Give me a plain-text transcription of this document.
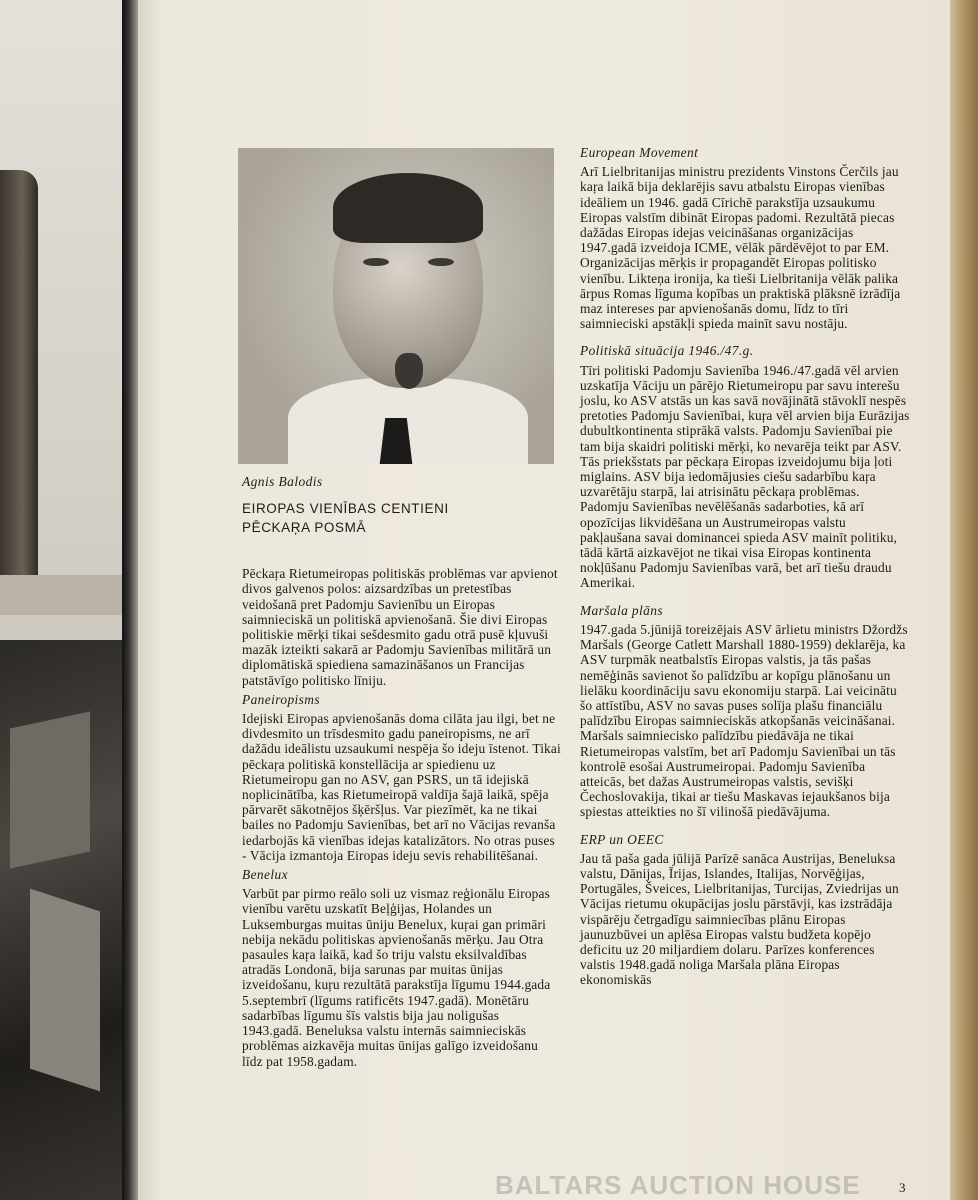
Agnis Balodis
EIROPAS VIENĪBAS CENTIENI
PĒCKAŖA POSMĀ
Pēckaŗa Rietumeiropas politiskās problēmas var apvienot divos galvenos polos: aizsardzības un pretestības veidošanā pret Padomju Savienību un Eiropas saimnieciskā un politiskā apvienošanā. Šie divi Eiropas politiskie mērķi tikai sešdesmito gadu otrā pusē kļuvuši mazāk izteikti sakarā ar Padomju Savienības militārā un diplomātiskā spiediena samazināšanos un Francijas patstāvīgo politisko līniju.
Paneiropisms
Idejiski Eiropas apvienošanās doma cilāta jau ilgi, bet ne divdesmito un trīsdesmito gadu paneiropisms, ne arī dažādu ideālistu uzsaukumi nespēja šo ideju īstenot. Tikai pēckaŗa politiskā konstellācija ar spiedienu uz Rietumeiropu gan no ASV, gan PSRS, un tā idejiskā noplicinātība, kas Rietumeiropā valdīja šajā laikā, spēja pārvarēt sākotnējos šķēršļus. Var piezīmēt, ka ne tikai bailes no Padomju Savienības, bet arī no Vācijas revanša iedarbojās kā vienības idejas katalizātors. No otras puses - Vācija izmantoja Eiropas ideju sevis rehabilitēšanai.
Benelux
Varbūt par pirmo reālo soli uz vismaz reģionālu Eiropas vienību varētu uzskatīt Beļģijas, Holandes un Luksemburgas muitas ūniju Benelux, kuŗai gan primāri nebija nekādu politiskas apvienošanās mērķu. Jau Otra pasaules kaŗa laikā, kad šo triju valstu eksilvaldības atradās Londonā, bija sarunas par muitas ūnijas izveidošanu, kuŗu rezultātā parakstīja līgumu 1944.gada 5.septembrī (līgums ratificēts 1947.gadā). Monētāru sadarbības līgumu šīs valstis bija jau noligušas 1943.gadā. Beneluksa valstu internās saimnieciskās problēmas aizkavēja muitas ūnijas galīgo izveidošanu līdz pat 1958.gadam.
European Movement
Arī Lielbritanijas ministru prezidents Vinstons Čerčils jau kaŗa laikā bija deklarējis savu atbalstu Eiropas vienības ideāliem un 1946. gadā Cīrichē parakstīja uzsaukumu Eiropas valstīm dibināt Eiropas padomi. Rezultātā piecas dažādas Eiropas idejas veicināšanas organizācijas 1947.gadā izveidoja ICME, vēlāk pārdēvējot to par EM. Organizācijas mērķis ir propagandēt Eiropas politisko vienību. Likteņa ironija, ka tieši Lielbritanija vēlāk palika ārpus Romas līguma kopības un praktiskā plāksnē izrādīja maz intereses par apvienošanās domu, līdz to tīri saimnieciski apstākļi spieda mainīt savu nostāju.
Politiskā situācija 1946./47.g.
Tīri politiski Padomju Savienība 1946./47.gadā vēl arvien uzskatīja Vāciju un pārējo Rietumeiropu par savu interešu joslu, ko ASV atstās un kas savā novājinātā stāvoklī nespēs pretoties Padomju Savienībai, kuŗa vēl arvien bija Eurāzijas dubultkontinenta stiprākā valsts. Padomju Savienībai pie tam bija skaidri politiski mērķi, ko nevarēja teikt par ASV. Tās priekšstats par pēckaŗa Eiropas izveidojumu bija ļoti miglains. ASV bija iedomājusies ciešu sadarbību kaŗa uzvarētāju starpā, lai atrisinātu pēckaŗa problēmas. Padomju Savienības nevēlēšanās sadarboties, kā arī opozīcijas likvidēšana un Austrumeiropas valstu pakļaušana savai dominancei spieda ASV mainīt politiku, tādā kārtā aizkavējot ne tikai visa Eiropas kontinenta nokļūšanu Padomju Savienības varā, bet arī tiešu draudu Amerikai.
Maršala plāns
1947.gada 5.jūnijā toreizējais ASV ārlietu ministrs Džordžs Maršals (George Catlett Marshall 1880-1959) deklarēja, ka ASV turpmāk neatbalstīs Eiropas valstis, ja tās pašas nemēģinās savienot šo palīdzību ar kopīgu plānošanu un lielāku koordināciju savu ekonomiju starpā. Lai veicinātu šo attīstību, ASV no savas puses solīja plašu financiālu palīdzību Eiropas saimnieciskās atkopšanās veicināšanai. Maršals saimniecisko palīdzību piedāvāja ne tikai Rietumeiropas valstīm, bet arī Padomju Savienībai un tās kontrolē esošai Austrumeiropai. Padomju Savienība atteicās, bet dažas Austrumeiropas valstis, sevišķi Čechoslovakija, tikai ar tiešu Maskavas iejaukšanos bija spiestas atteikties no šī vilinošā piedāvājuma.
ERP un OEEC
Jau tā paša gada jūlijā Parīzē sanāca Austrijas, Beneluksa valstu, Dānijas, Īrijas, Islandes, Italijas, Norvēģijas, Portugāles, Šveices, Lielbritanijas, Turcijas, Zviedrijas un Vācijas rietumu okupācijas joslu pārstāvji, kas izstrādāja vispārēju četrgadīgu saimniecības plānu Eiropas jaunuzbūvei un aplēsa Eiropas valstu budžeta kopējo deficitu uz 20 miljardiem dolaru. Parīzes konferences valstis 1948.gadā noliga Maršala plāna Eiropas ekonomiskās
BALTARS AUCTION HOUSE	3
